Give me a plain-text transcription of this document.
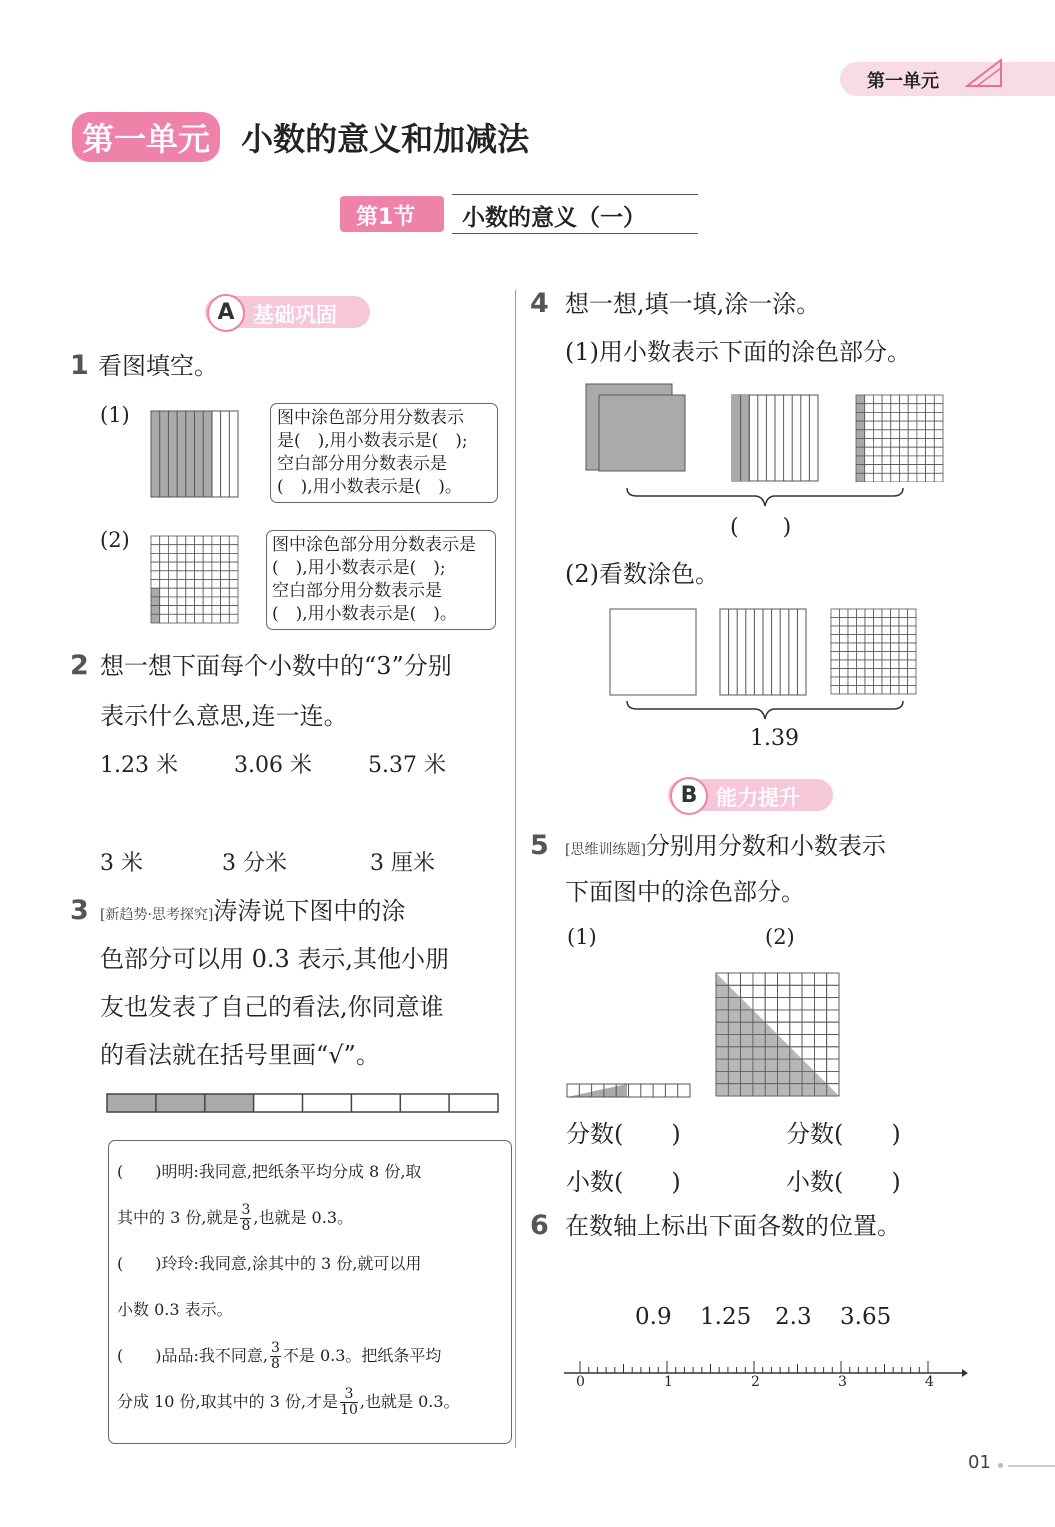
第一单元
第一单元 小数的意义和加减法
第1节 小数的意义（一）
A 基础巩固
1 看图填空。
(1)	图中涂色部分用分数表示
是(　),用小数表示是(　);
空白部分用分数表示是
(　),用小数表示是(　)。
(2)	图中涂色部分用分数表示是
(　),用小数表示是(　);
空白部分用分数表示是
(　),用小数表示是(　)。
2 想一想下面每个小数中的“3”分别
表示什么意思,连一连。
1.23 米	3.06 米	5.37 米
3 米	3 分米	3 厘米
3 [新趋势·思考探究]涛涛说下图中的涂
色部分可以用 0.3 表示,其他小朋
友也发表了自己的看法,你同意谁
的看法就在括号里画“√”。
(　　)明明:我同意,把纸条平均分成 8 份,取
其中的 3 份,就是 $\frac{3}{8}$ ,也就是 0.3。
(　　)玲玲:我同意,涂其中的 3 份,就可以用
小数 0.3 表示。
(　　)品品:我不同意, $\frac{3}{8}$ 不是 0.3。把纸条平均
分成 10 份,取其中的 3 份,才是 $\frac{3}{10}$ ,也就是 0.3。
4 想一想,填一填,涂一涂。
(1)用小数表示下面的涂色部分。
(　　)
(2)看数涂色。
1.39
B 能力提升
5 [思维训练题]分别用分数和小数表示
下面图中的涂色部分。
(1)	(2)
分数(　　)	分数(　　)
小数(　　)	小数(　　)
6 在数轴上标出下面各数的位置。
0.9 1.25 2.3 3.65
0	1	2	3	4
01
